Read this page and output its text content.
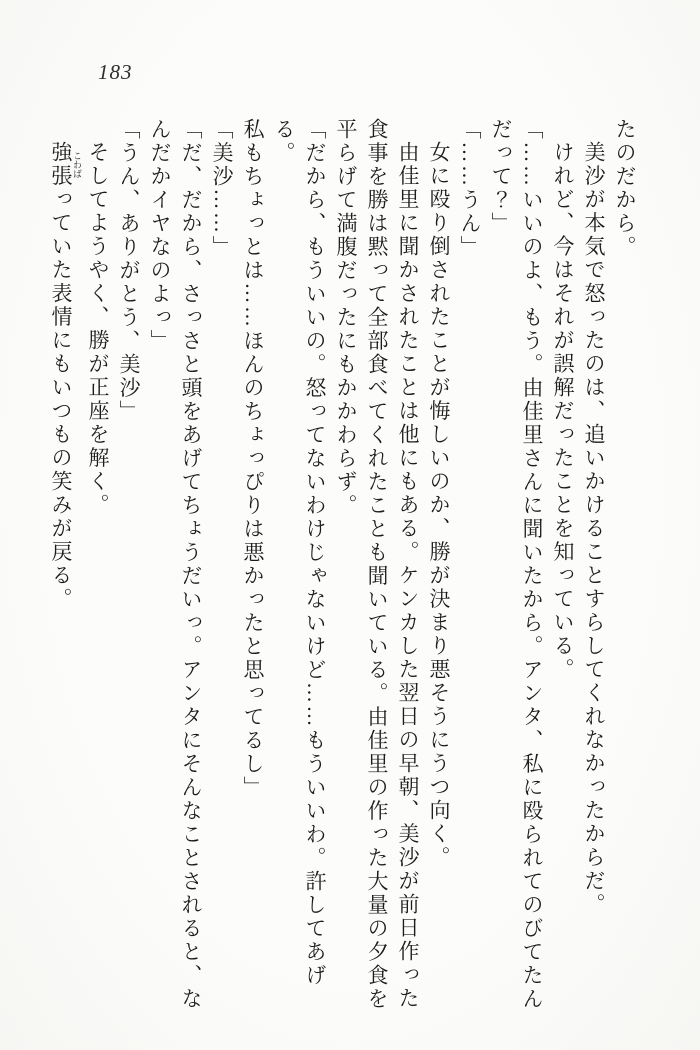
183

たのだから。

美沙が本気で怒ったのは、追いかけることすらしてくれなかったからだ。

けれど、今はそれが誤解だったことを知っている。

「……いいのよ、もう。由佳里さんに聞いたから。アンタ、私に殴られてのびてたん

だって？」

「……うん」

女に殴り倒されたことが悔しいのか、勝が決まり悪そうにうつ向く。

由佳里に聞かされたことは他にもある。ケンカした翌日の早朝、美沙が前日作った

食事を勝は黙って全部食べてくれたことも聞いている。由佳里の作った大量の夕食を

平らげて満腹だったにもかかわらず。

「だから、もういいの。怒ってないわけじゃないけど……もういいわ。許してあげる。

私もちょっとは……ほんのちょっぴりは悪かったと思ってるし」

「美沙……」

「だ、だから、さっさと頭をあげてちょうだいっ。アンタにそんなことされると、な

んだかイヤなのよっ」

「うん、ありがとう、美沙」

そしてようやく、勝が正座を解く。

強張 こわばっていた表情にもいつもの笑みが戻る。
